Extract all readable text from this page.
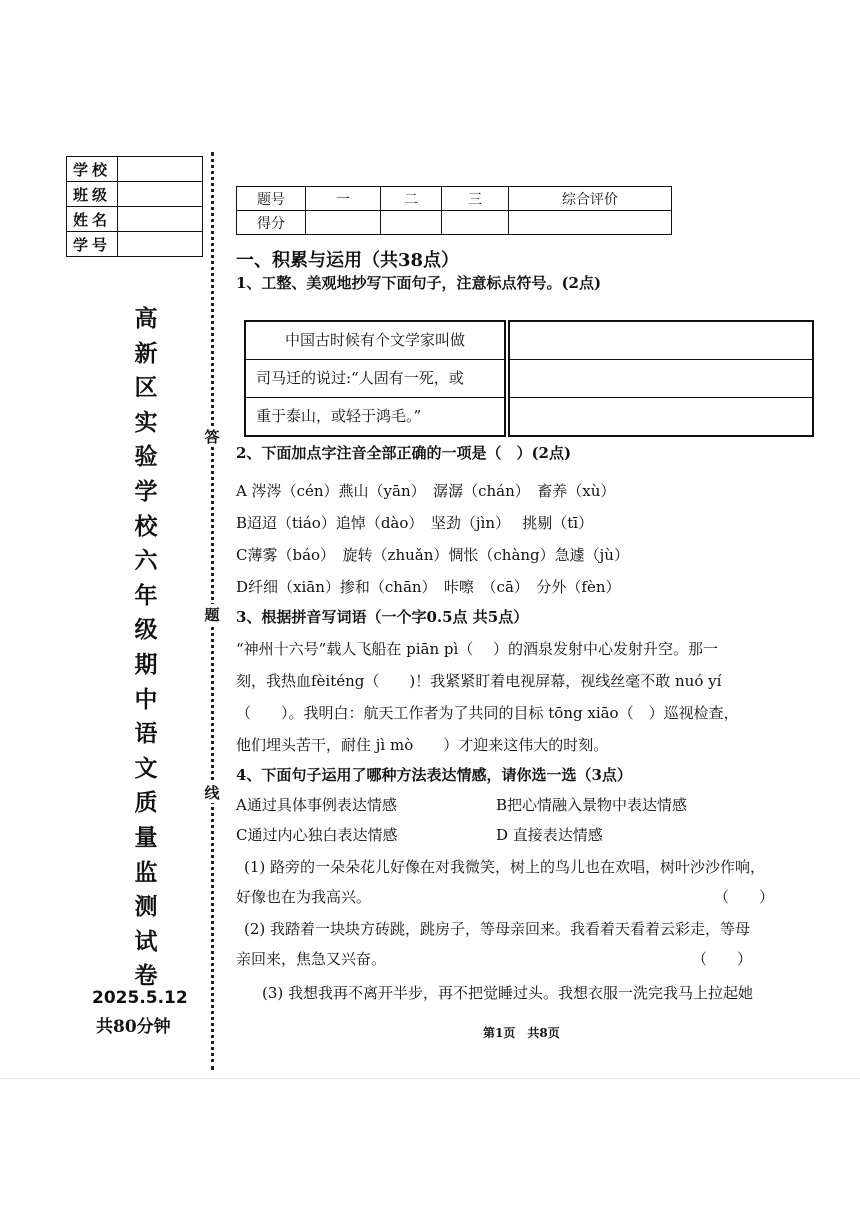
学校	
班级	
姓名	
学号	
高
新
区
实
验
学
校
六
年
级
期
中
语
文
质
量
监
测
试
卷
2025.5.12
共80分钟
答
题
线
题号	一	二	三	综合评价
得分				
一、积累与运用（共38点）
1、工整、美观地抄写下面句子，注意标点符号。(2点)
中国古时候有个文学家叫做
司马迁的说过:“人固有一死，或
重于泰山，或轻于鸿毛。”
2、下面加点字注音全部正确的一项是（　）(2点)
A 涔涔（cén）燕山（yān）　潺潺（chán）　畜养（xù）
B迢迢（tiáo）追悼（dào）　坚劲（jìn）　 挑剔（tī）
C薄雾（báo）　旋转（zhuǎn）惆怅（chàng）急遽（jù）
D纤细（xiān）掺和（chān）　咔嚓　（cā）　分外（fèn）
3、根据拼音写词语（一个字0.5点 共5点）
“神州十六号”载人飞船在 piān pì（　 ）的酒泉发射中心发射升空。那一
刻，我热血fèiténg（　　)！我紧紧盯着电视屏幕，视线丝毫不敢 nuó yí
（　　）。我明白：航天工作者为了共同的目标 tōng xiāo（　）巡视检查，
他们埋头苦干，耐住 jì mò　　）才迎来这伟大的时刻。
4、下面句子运用了哪种方法表达情感，请你选一选（3点）
A通过具体事例表达情感	B把心情融入景物中表达情感
C通过内心独白表达情感	D 直接表达情感
(1) 路旁的一朵朵花儿好像在对我微笑，树上的鸟儿也在欢唱，树叶沙沙作响，
好像也在为我高兴。	（　　）
(2) 我踏着一块块方砖跳，跳房子，等母亲回来。我看着天看着云彩走，等母
亲回来，焦急又兴奋。	（　　）
(3) 我想我再不离开半步，再不把觉睡过头。我想衣服一洗完我马上拉起她
第1页　共8页
